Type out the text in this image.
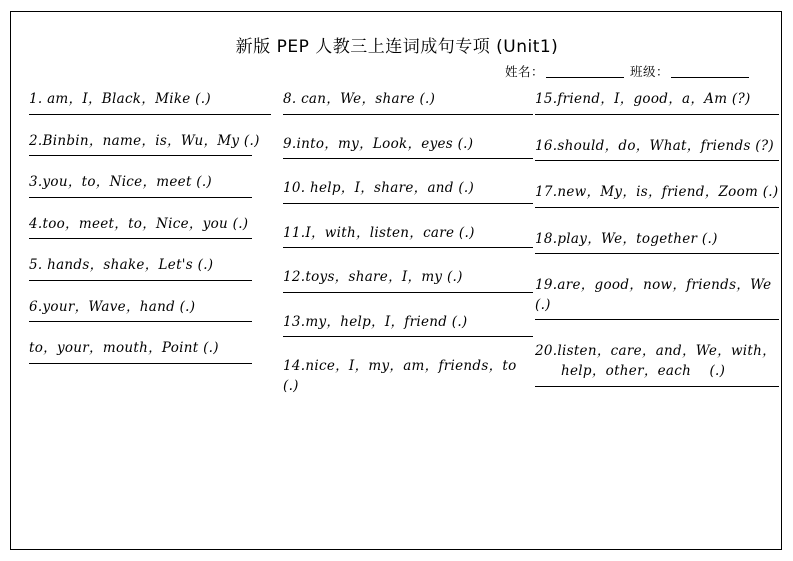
新版 PEP 人教三上连词成句专项 (Unit1)
姓名：	班级：
1. am，I，Black，Mike (.)
2.Binbin，name，is，Wu，My (.)
3.you，to，Nice，meet (.)
4.too，meet，to，Nice，you (.)
5. hands，shake，Let's (.)
6.your，Wave，hand (.)
to，your，mouth，Point (.)
8. can，We，share (.)
9.into，my，Look，eyes (.)
10. help，I，share，and (.)
11.I，with，listen，care (.)
12.toys，share，I，my (.)
13.my，help，I，friend (.)
14.nice，I，my，am，friends，to (.)
15.friend，I，good，a，Am (?)
16.should，do，What，friends (?)
17.new，My，is，friend，Zoom (.)
18.play，We，together (.)
19.are，good，now，friends，We (.)
20.listen，care，and，We，with，
help，other，each    (.)
